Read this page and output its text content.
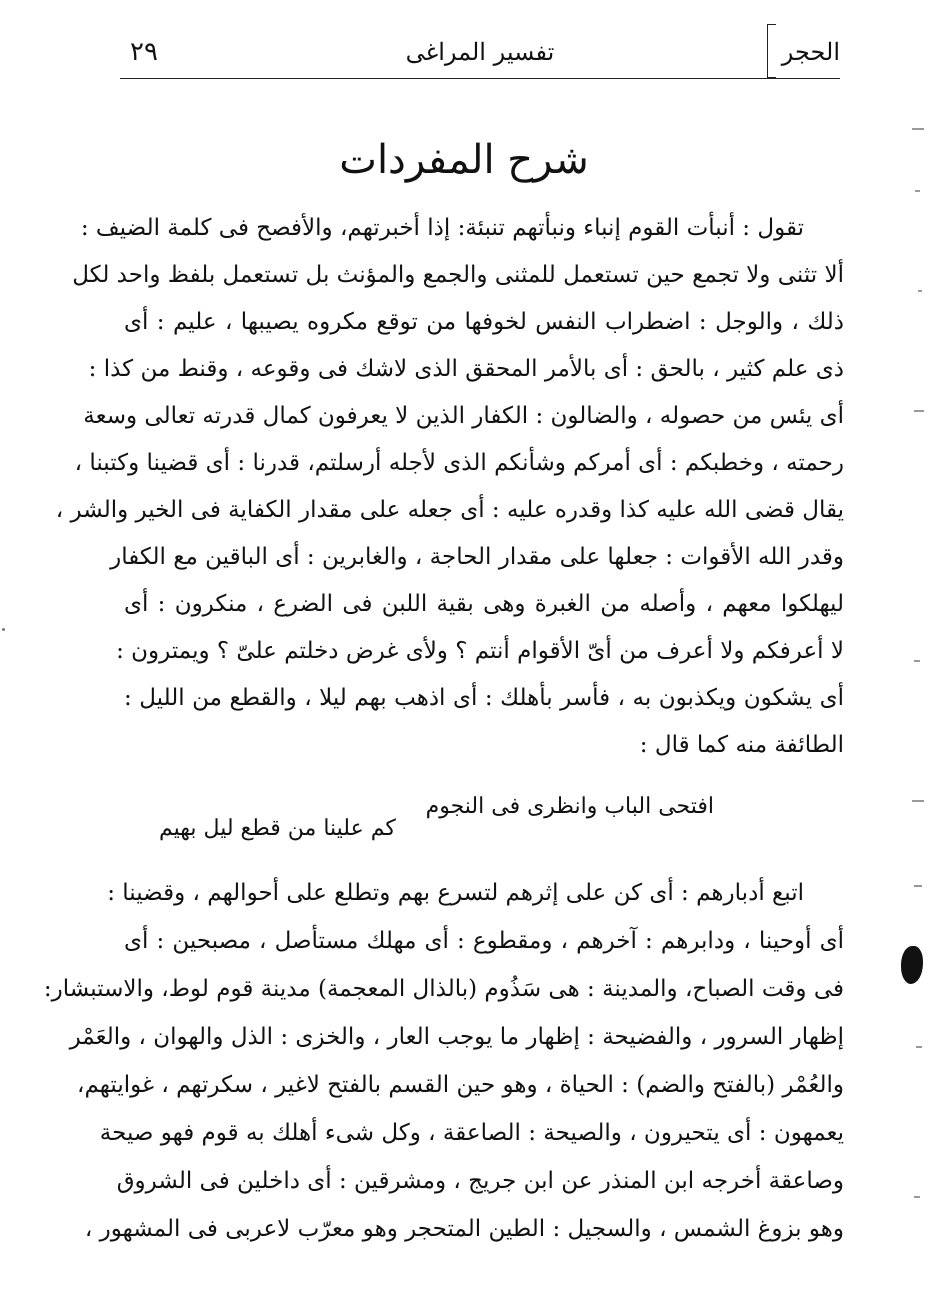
الحجر
تفسير المراغى
٢٩
شرح المفردات
تقول : أنبأت القوم إنباء ونبأتهم تنبئة: إذا أخبرتهم، والأفصح فى كلمة الضيف :
ألا تثنى ولا تجمع حين تستعمل للمثنى والجمع والمؤنث بل تستعمل بلفظ واحد لكل
ذلك ، والوجل : اضطراب النفس لخوفها من توقع مكروه يصيبها ، عليم : أى
ذى علم كثير ، بالحق : أى بالأمر المحقق الذى لاشك فى وقوعه ، وقنط من كذا :
أى يئس من حصوله ، والضالون : الكفار الذين لا يعرفون كمال قدرته تعالى وسعة
رحمته ، وخطبكم : أى أمركم وشأنكم الذى لأجله أرسلتم، قدرنا : أى قضينا وكتبنا ،
يقال قضى الله عليه كذا وقدره عليه : أى جعله على مقدار الكفاية فى الخير والشر ،
وقدر الله الأقوات : جعلها على مقدار الحاجة ، والغابرين : أى الباقين مع الكفار
ليهلكوا معهم ، وأصله من الغبرة وهى بقية اللبن فى الضرع ، منكرون : أى
لا أعرفكم ولا أعرف من أىّ الأقوام أنتم ؟ ولأى غرض دخلتم علىّ ؟ ويمترون :
أى يشكون ويكذبون به ، فأسر بأهلك : أى اذهب بهم ليلا ، والقطع من الليل :
الطائفة منه كما قال :
افتحى الباب وانظرى فى النجوم
كم علينا من قطع ليل بهيم
اتبع أدبارهم : أى كن على إثرهم لتسرع بهم وتطلع على أحوالهم ، وقضينا :
أى أوحينا ، ودابرهم : آخرهم ، ومقطوع : أى مهلك مستأصل ، مصبحين : أى
فى وقت الصباح، والمدينة : هى سَذُوم (بالذال المعجمة) مدينة قوم لوط، والاستبشار:
إظهار السرور ، والفضيحة : إظهار ما يوجب العار ، والخزى : الذل والهوان ، والعَمْر
والعُمْر (بالفتح والضم) : الحياة ، وهو حين القسم بالفتح لاغير ، سكرتهم ، غوايتهم،
يعمهون : أى يتحيرون ، والصيحة : الصاعقة ، وكل شىء أهلك به قوم فهو صيحة
وصاعقة أخرجه ابن المنذر عن ابن جريج ، ومشرقين : أى داخلين فى الشروق
وهو بزوغ الشمس ، والسجيل : الطين المتحجر وهو معرّب لاعربى فى المشهور ،
